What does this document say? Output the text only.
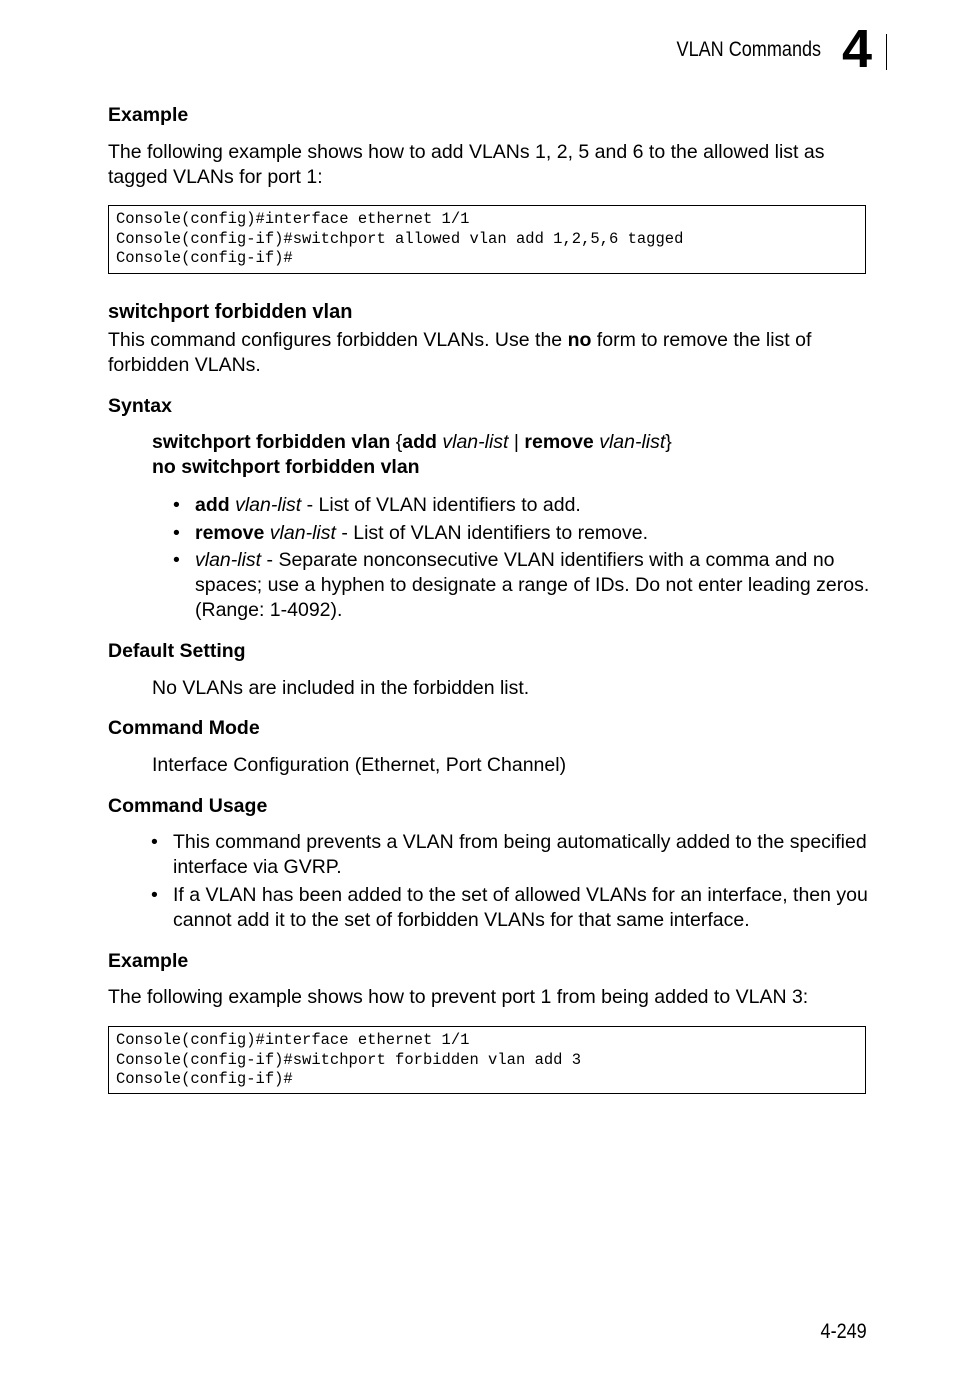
VLAN Commands 4
Example
The following example shows how to add VLANs 1, 2, 5 and 6 to the allowed list as tagged VLANs for port 1:
Console(config)#interface ethernet 1/1
Console(config-if)#switchport allowed vlan add 1,2,5,6 tagged
Console(config-if)#
switchport forbidden vlan
This command configures forbidden VLANs. Use the no form to remove the list of forbidden VLANs.
Syntax
switchport forbidden vlan {add vlan-list | remove vlan-list}
no switchport forbidden vlan
• add vlan-list - List of VLAN identifiers to add.
• remove vlan-list - List of VLAN identifiers to remove.
• vlan-list - Separate nonconsecutive VLAN identifiers with a comma and no spaces; use a hyphen to designate a range of IDs. Do not enter leading zeros. (Range: 1-4092).
Default Setting
No VLANs are included in the forbidden list.
Command Mode
Interface Configuration (Ethernet, Port Channel)
Command Usage
• This command prevents a VLAN from being automatically added to the specified interface via GVRP.
• If a VLAN has been added to the set of allowed VLANs for an interface, then you cannot add it to the set of forbidden VLANs for that same interface.
Example
The following example shows how to prevent port 1 from being added to VLAN 3:
Console(config)#interface ethernet 1/1
Console(config-if)#switchport forbidden vlan add 3
Console(config-if)#
4-249
